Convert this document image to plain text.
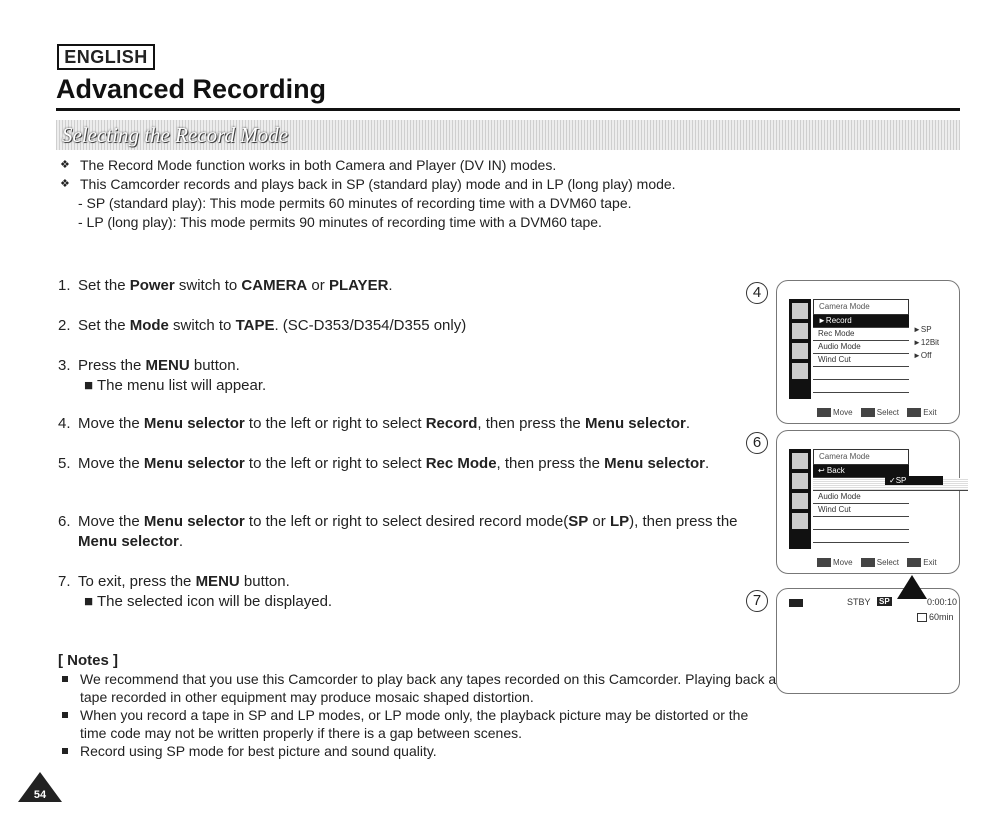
ENGLISH
Advanced Recording
Selecting the Record Mode
❖ The Record Mode function works in both Camera and Player (DV IN) modes.
❖ This Camcorder records and plays back in SP (standard play) mode and in LP (long play) mode.
- SP (standard play): This mode permits 60 minutes of recording time with a DVM60 tape.
- LP (long play): This mode permits 90 minutes of recording time with a DVM60 tape.
1. Set the Power switch to CAMERA or PLAYER.
2. Set the Mode switch to TAPE. (SC-D353/D354/D355 only)
3. Press the MENU button.
■ The menu list will appear.
4. Move the Menu selector to the left or right to select Record, then press the Menu selector.
5. Move the Menu selector to the left or right to select Rec Mode, then press the Menu selector.
6. Move the Menu selector to the left or right to select desired record mode(SP or LP), then press the Menu selector.
7. To exit, press the MENU button.
■ The selected icon will be displayed.
[ Notes ]
We recommend that you use this Camcorder to play back any tapes recorded on this Camcorder. Playing back a tape recorded in other equipment may produce mosaic shaped distortion.
When you record a tape in SP and LP modes, or LP mode only, the playback picture may be distorted or the time code may not be written properly if there is a gap between scenes.
Record using SP mode for best picture and sound quality.
54
4
Camera Mode
►Record
Rec Mode
Audio Mode
Wind Cut
►SP
►12Bit
►Off
Move	Select	Exit
6
Camera Mode
↩ Back
Audio Mode
Wind Cut
✓SP
Move	Select	Exit
7	STBY SP	0:00:10
60min
